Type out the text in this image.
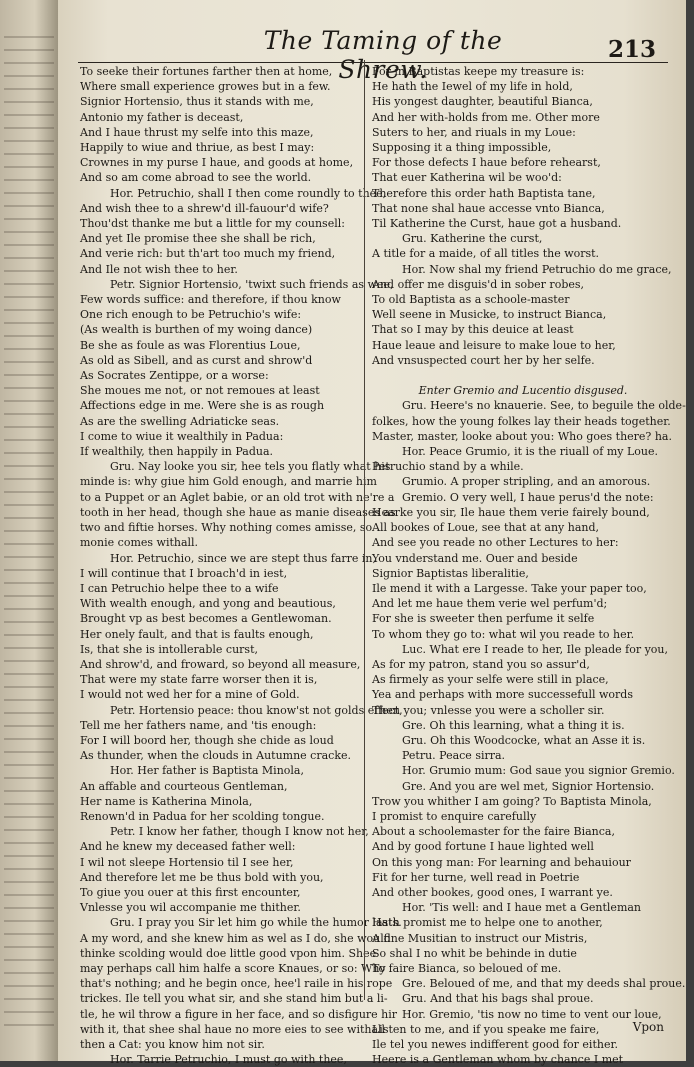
The Taming of the Shrew.
213
To seeke their fortunes farther then at home,
Where small experience growes but in a few.
Signior Hortensio, thus it stands with me,
Antonio my father is deceast,
And I haue thrust my selfe into this maze,
Happily to wiue and thriue, as best I may:
Crownes in my purse I haue, and goods at home,
And so am come abroad to see the world.
Hor. Petruchio, shall I then come roundly to thee,
And wish thee to a shrew'd ill-fauour'd wife?
Thou'dst thanke me but a little for my counsell:
And yet Ile promise thee she shall be rich,
And verie rich: but th'art too much my friend,
And Ile not wish thee to her.
Petr. Signior Hortensio, 'twixt such friends as wee,
Few words suffice: and therefore, if thou know
One rich enough to be Petruchio's wife:
(As wealth is burthen of my woing dance)
Be she as foule as was Florentius Loue,
As old as Sibell, and as curst and shrow'd
As Socrates Zentippe, or a worse:
She moues me not, or not remoues at least
Affections edge in me. Were she is as rough
As are the swelling Adriaticke seas.
I come to wiue it wealthily in Padua:
If wealthily, then happily in Padua.
Gru. Nay looke you sir, hee tels you flatly what his
minde is: why giue him Gold enough, and marrie him
to a Puppet or an Aglet babie, or an old trot with ne're a
tooth in her head, though she haue as manie diseases as
two and fiftie horses. Why nothing comes amisse, so
monie comes withall.
Hor. Petruchio, since we are stept thus farre in,
I will continue that I broach'd in iest,
I can Petruchio helpe thee to a wife
With wealth enough, and yong and beautious,
Brought vp as best becomes a Gentlewoman.
Her onely fault, and that is faults enough,
Is, that she is intollerable curst,
And shrow'd, and froward, so beyond all measure,
That were my state farre worser then it is,
I would not wed her for a mine of Gold.
Petr. Hortensio peace: thou know'st not golds effect,
Tell me her fathers name, and 'tis enough:
For I will boord her, though she chide as loud
As thunder, when the clouds in Autumne cracke.
Hor. Her father is Baptista Minola,
An affable and courteous Gentleman,
Her name is Katherina Minola,
Renown'd in Padua for her scolding tongue.
Petr. I know her father, though I know not her,
And he knew my deceased father well:
I wil not sleepe Hortensio til I see her,
And therefore let me be thus bold with you,
To giue you ouer at this first encounter,
Vnlesse you wil accompanie me thither.
Gru. I pray you Sir let him go while the humor lasts.
A my word, and she knew him as wel as I do, she would
thinke scolding would doe little good vpon him. Shee
may perhaps call him halfe a score Knaues, or so: Why
that's nothing; and he begin once, hee'l raile in his rope
trickes. Ile tell you what sir, and she stand him but a li-
tle, he wil throw a figure in her face, and so disfigure hir
with it, that shee shal haue no more eies to see withall
then a Cat: you know him not sir.
Hor. Tarrie Petruchio, I must go with thee,
For in Baptistas keepe my treasure is:
He hath the Iewel of my life in hold,
His yongest daughter, beautiful Bianca,
And her with-holds from me. Other more
Suters to her, and riuals in my Loue:
Supposing it a thing impossible,
For those defects I haue before rehearst,
That euer Katherina wil be woo'd:
Therefore this order hath Baptista tane,
That none shal haue accesse vnto Bianca,
Til Katherine the Curst, haue got a husband.
Gru. Katherine the curst,
A title for a maide, of all titles the worst.
Hor. Now shal my friend Petruchio do me grace,
And offer me disguis'd in sober robes,
To old Baptista as a schoole-master
Well seene in Musicke, to instruct Bianca,
That so I may by this deuice at least
Haue leaue and leisure to make loue to her,
And vnsuspected court her by her selfe.

Enter Gremio and Lucentio disgused.
Gru. Heere's no knauerie. See, to beguile the olde-
folkes, how the young folkes lay their heads together.
Master, master, looke about you: Who goes there? ha.
Hor. Peace Grumio, it is the riuall of my Loue.
Petruchio stand by a while.
Grumio. A proper stripling, and an amorous.
Gremio. O very well, I haue perus'd the note:
Hearke you sir, Ile haue them verie fairely bound,
All bookes of Loue, see that at any hand,
And see you reade no other Lectures to her:
You vnderstand me. Ouer and beside
Signior Baptistas liberalitie,
Ile mend it with a Largesse. Take your paper too,
And let me haue them verie wel perfum'd;
For she is sweeter then perfume it selfe
To whom they go to: what wil you reade to her.
Luc. What ere I reade to her, Ile pleade for you,
As for my patron, stand you so assur'd,
As firmely as your selfe were still in place,
Yea and perhaps with more successefull words
Then you; vnlesse you were a scholler sir.
Gre. Oh this learning, what a thing it is.
Gru. Oh this Woodcocke, what an Asse it is.
Petru. Peace sirra.
Hor. Grumio mum: God saue you signior Gremio.
Gre. And you are wel met, Signior Hortensio.
Trow you whither I am going? To Baptista Minola,
I promist to enquire carefully
About a schoolemaster for the faire Bianca,
And by good fortune I haue lighted well
On this yong man: For learning and behauiour
Fit for her turne, well read in Poetrie
And other bookes, good ones, I warrant ye.
Hor. 'Tis well: and I haue met a Gentleman
Hath promist me to helpe one to another,
A fine Musitian to instruct our Mistris,
So shal I no whit be behinde in dutie
To faire Bianca, so beloued of me.
Gre. Beloued of me, and that my deeds shal proue.
Gru. And that his bags shal proue.
Hor. Gremio, 'tis now no time to vent our loue,
Listen to me, and if you speake me faire,
Ile tel you newes indifferent good for either.
Heere is a Gentleman whom by chance I met
Vpon
